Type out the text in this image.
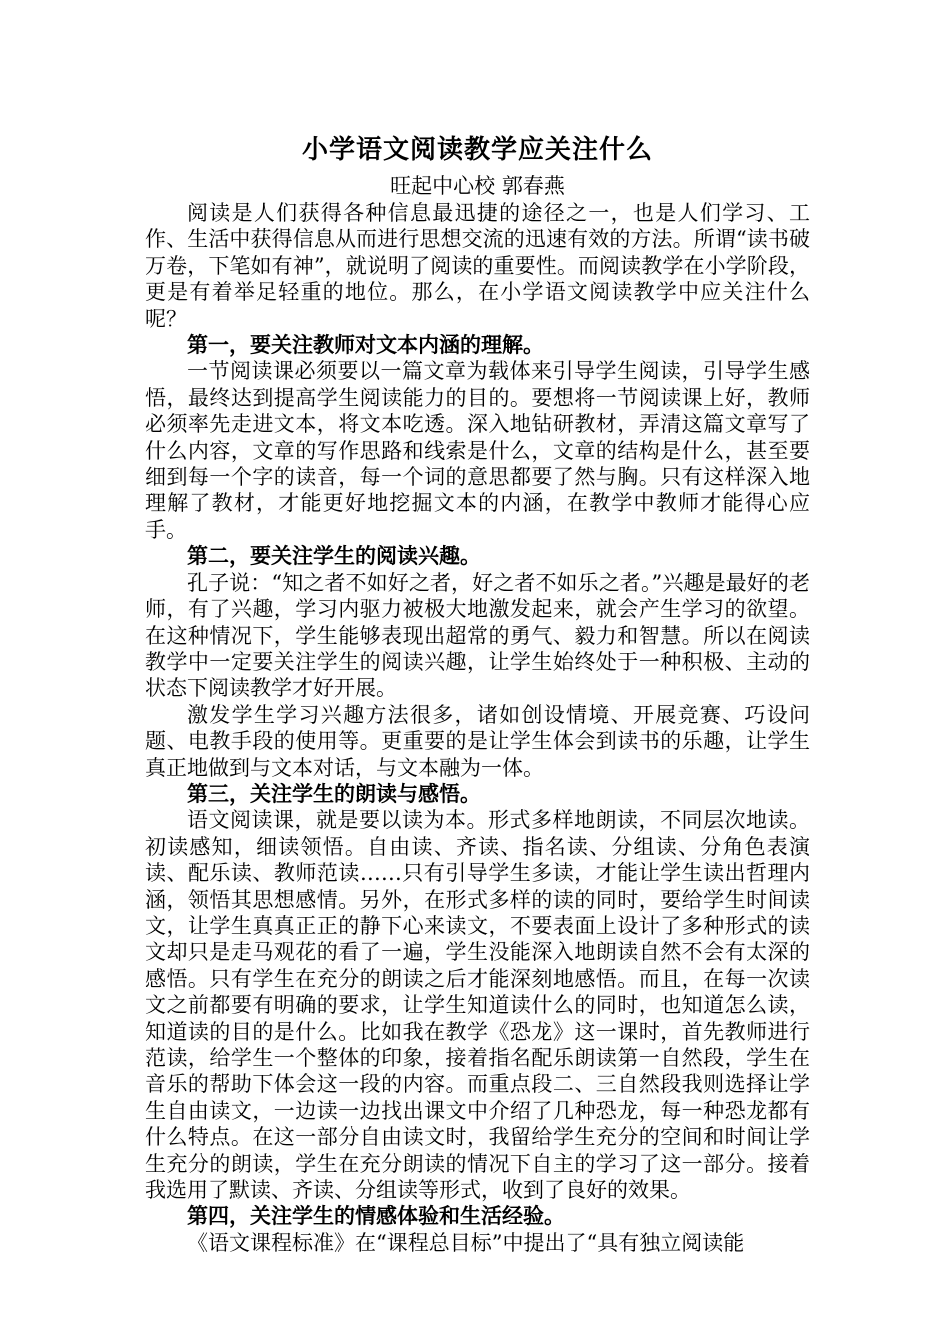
小学语文阅读教学应关注什么

旺起中心校 郭春燕

阅读是人们获得各种信息最迅捷的途径之一，也是人们学习、工作、生活中获得信息从而进行思想交流的迅速有效的方法。所谓“读书破万卷，下笔如有神”，就说明了阅读的重要性。而阅读教学在小学阶段，更是有着举足轻重的地位。那么，在小学语文阅读教学中应关注什么呢？

第一，要关注教师对文本内涵的理解。

一节阅读课必须要以一篇文章为载体来引导学生阅读，引导学生感悟，最终达到提高学生阅读能力的目的。要想将一节阅读课上好，教师必须率先走进文本，将文本吃透。深入地钻研教材，弄清这篇文章写了什么内容，文章的写作思路和线索是什么，文章的结构是什么，甚至要细到每一个字的读音，每一个词的意思都要了然与胸。只有这样深入地理解了教材，才能更好地挖掘文本的内涵，在教学中教师才能得心应手。

第二，要关注学生的阅读兴趣。

孔子说：“知之者不如好之者，好之者不如乐之者。”兴趣是最好的老师，有了兴趣，学习内驱力被极大地激发起来，就会产生学习的欲望。在这种情况下，学生能够表现出超常的勇气、毅力和智慧。所以在阅读教学中一定要关注学生的阅读兴趣，让学生始终处于一种积极、主动的状态下阅读教学才好开展。

激发学生学习兴趣方法很多，诸如创设情境、开展竞赛、巧设问题、电教手段的使用等。更重要的是让学生体会到读书的乐趣，让学生真正地做到与文本对话，与文本融为一体。

第三，关注学生的朗读与感悟。

语文阅读课，就是要以读为本。形式多样地朗读，不同层次地读。初读感知，细读领悟。自由读、齐读、指名读、分组读、分角色表演读、配乐读、教师范读……只有引导学生多读，才能让学生读出哲理内涵，领悟其思想感情。另外，在形式多样的读的同时，要给学生时间读文，让学生真真正正的静下心来读文，不要表面上设计了多种形式的读文却只是走马观花的看了一遍，学生没能深入地朗读自然不会有太深的感悟。只有学生在充分的朗读之后才能深刻地感悟。而且，在每一次读文之前都要有明确的要求，让学生知道读什么的同时，也知道怎么读，知道读的目的是什么。比如我在教学《恐龙》这一课时，首先教师进行范读，给学生一个整体的印象，接着指名配乐朗读第一自然段，学生在音乐的帮助下体会这一段的内容。而重点段二、三自然段我则选择让学生自由读文，一边读一边找出课文中介绍了几种恐龙，每一种恐龙都有什么特点。在这一部分自由读文时，我留给学生充分的空间和时间让学生充分的朗读，学生在充分朗读的情况下自主的学习了这一部分。接着我选用了默读、齐读、分组读等形式，收到了良好的效果。

第四，关注学生的情感体验和生活经验。

《语文课程标准》在“课程总目标”中提出了“具有独立阅读能
